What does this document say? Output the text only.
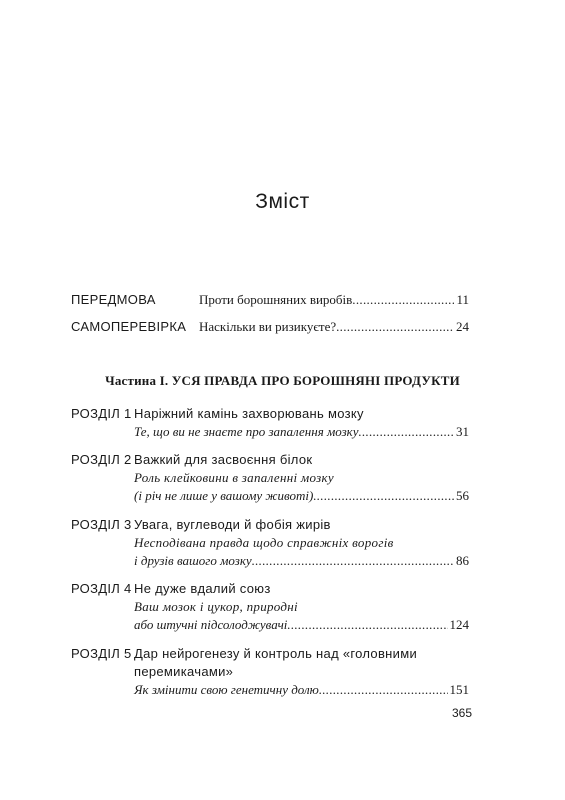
Зміст
ПЕРЕДМОВА	Проти борошняних виробів .....	11
САМОПЕРЕВІРКА Наскільки ви ризикуєте? .....	24
Частина І. УСЯ ПРАВДА ПРО БОРОШНЯНІ ПРОДУКТИ
РОЗДІЛ 1 Наріжний камінь захворювань мозку
Те, що ви не знаєте про запалення мозку .....	31
РОЗДІЛ 2 Важкий для засвоєння білок
Роль клейковини в запаленні мозку
(і річ не лише у вашому животі) .....	56
РОЗДІЛ 3 Увага, вуглеводи й фобія жирів
Несподівана правда щодо справжніх ворогів
і друзів вашого мозку .....	86
РОЗДІЛ 4 Не дуже вдалий союз
Ваш мозок і цукор, природні
або штучні підсолоджувачі .....	124
РОЗДІЛ 5 Дар нейрогенезу й контроль над «головними
перемикачами»
Як змінити свою генетичну долю .....	151
365
